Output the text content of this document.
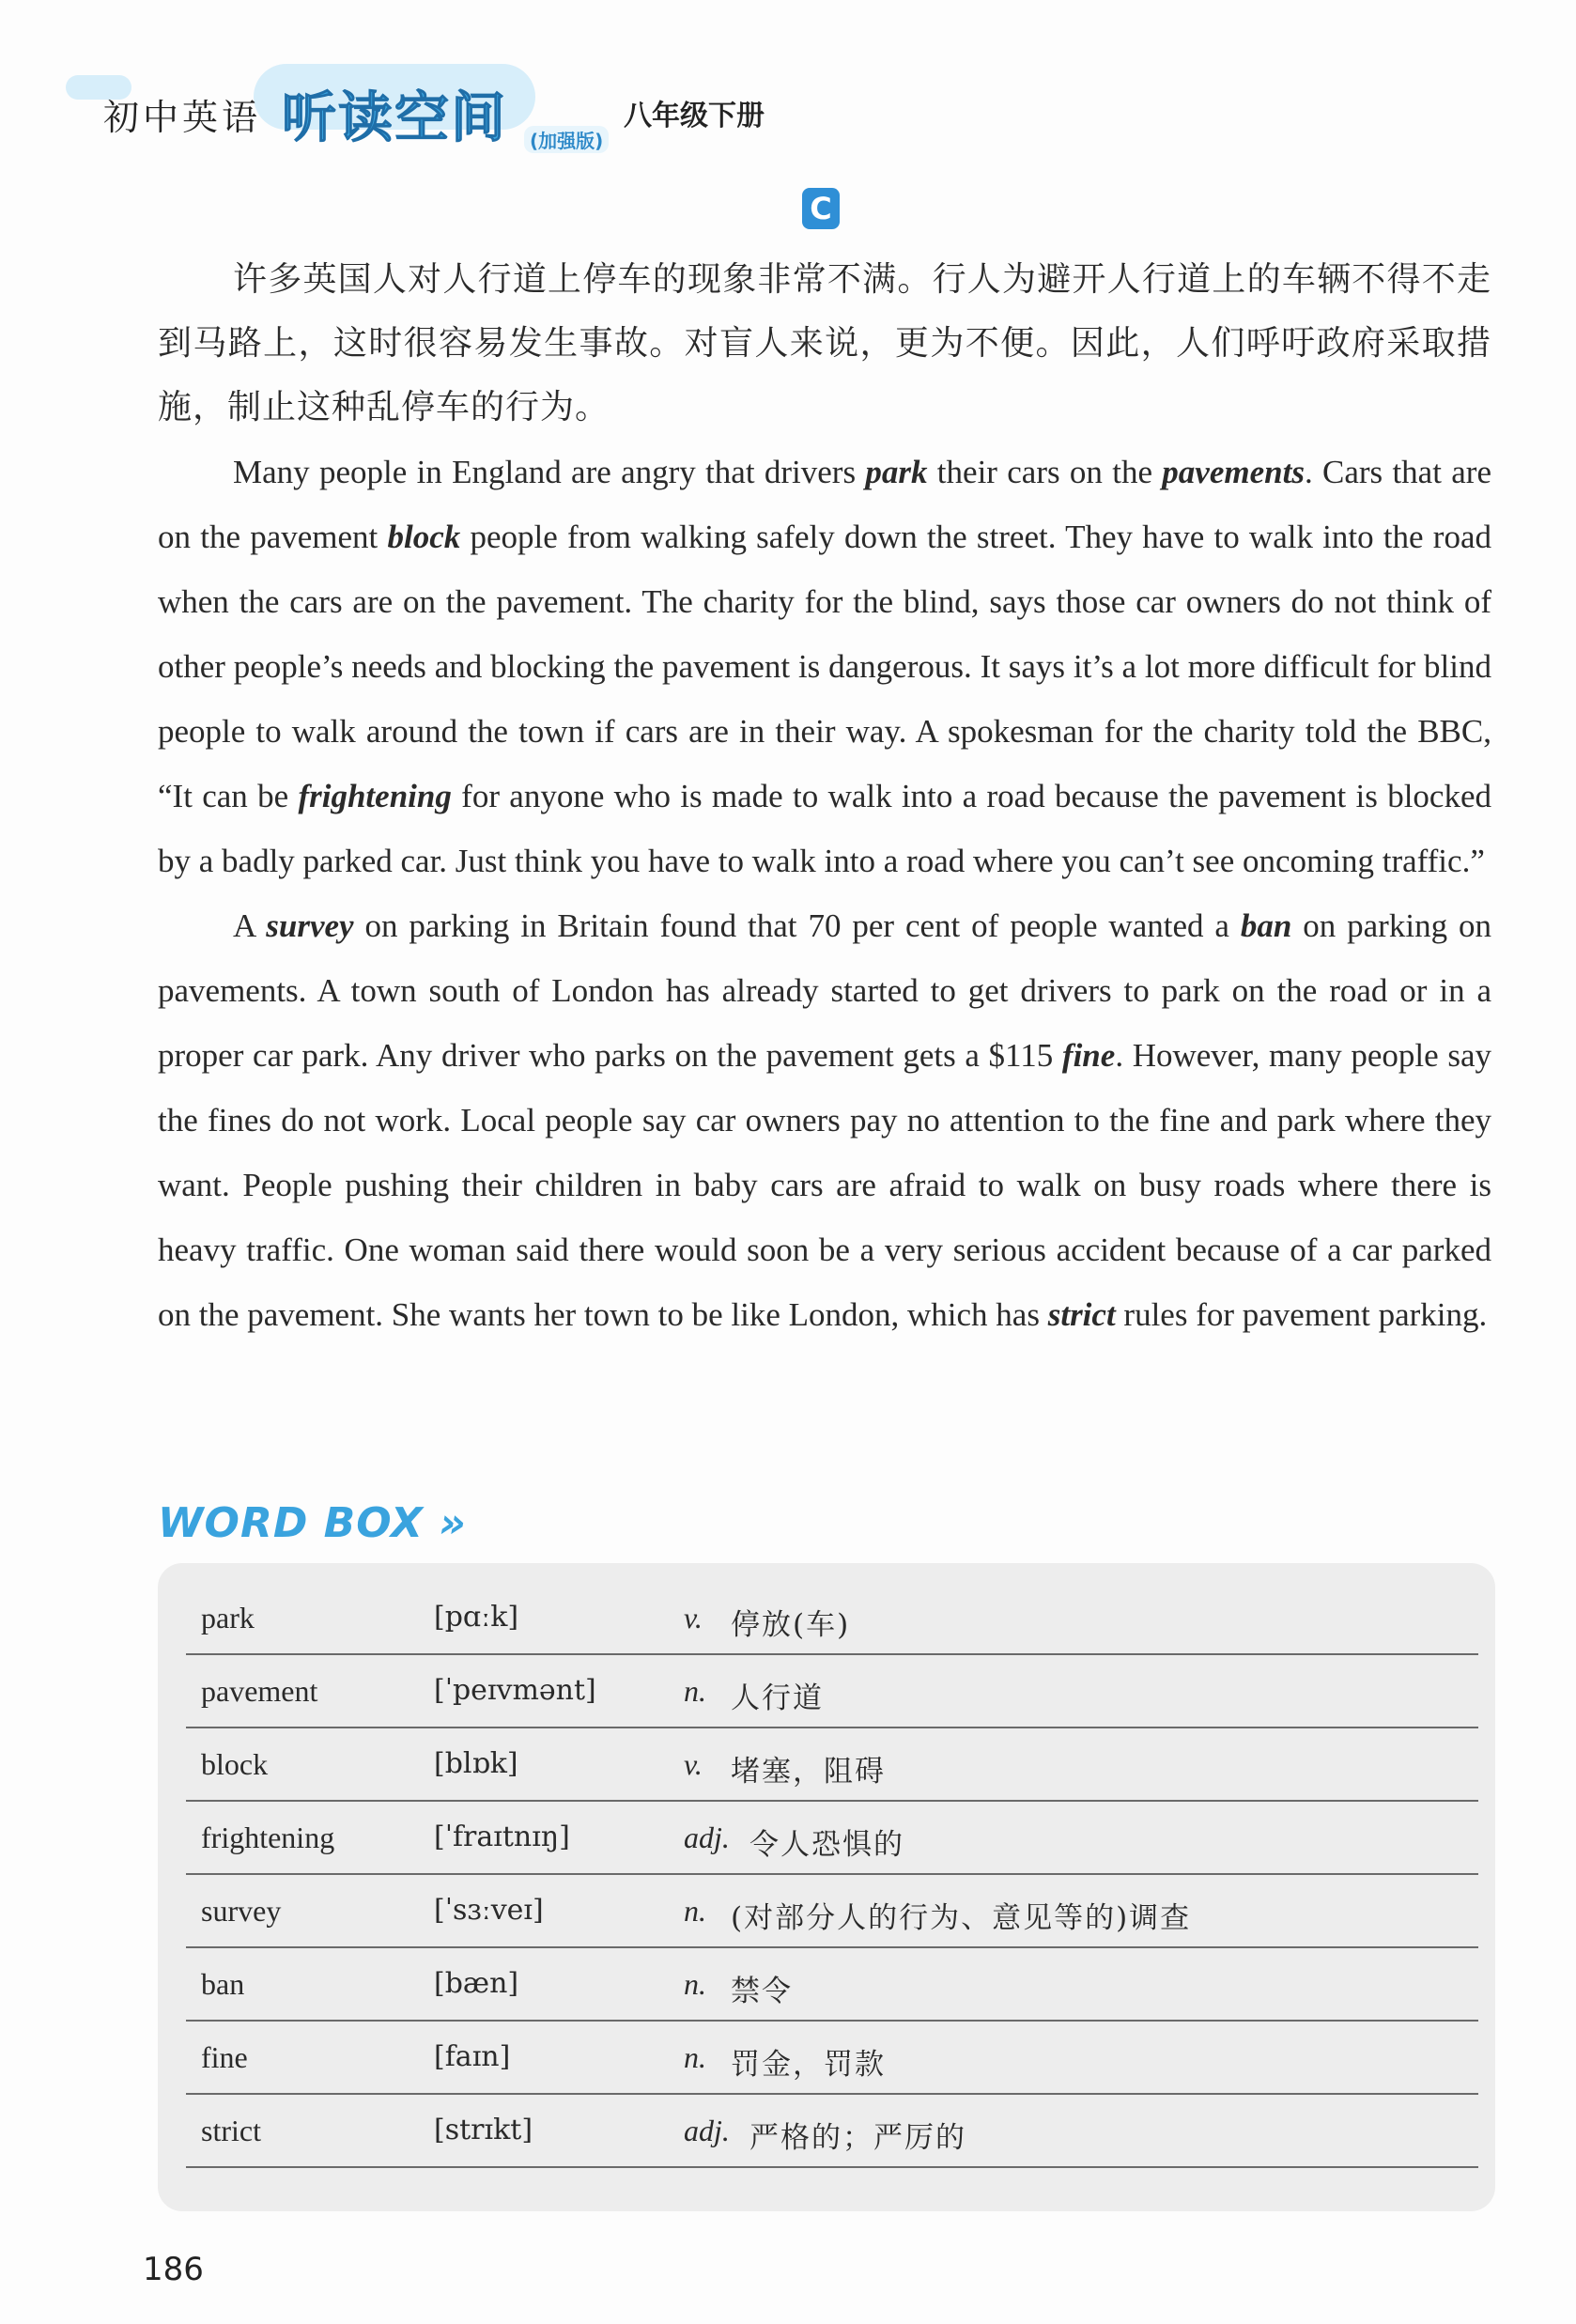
初中英语 听读空间	(加强版)
八年级下册
C

许多英国人对人行道上停车的现象非常不满。行人为避开人行道上的车辆不得不走到马路上，这时很容易发生事故。对盲人来说，更为不便。因此，人们呼吁政府采取措施，制止这种乱停车的行为。

Many people in England are angry that drivers park their cars on the pavements. Cars that are on the pavement block people from walking safely down the street. They have to walk into the road when the cars are on the pavement. The charity for the blind, says those car owners do not think of other people’s needs and blocking the pavement is dangerous. It says it’s a lot more difficult for blind people to walk around the town if cars are in their way. A spokesman for the charity told the BBC, “It can be frightening for anyone who is made to walk into a road because the pavement is blocked by a badly parked car. Just think you have to walk into a road where you can’t see oncoming traffic.”

A survey on parking in Britain found that 70 per cent of people wanted a ban on parking on pavements. A town south of London has already started to get drivers to park on the road or in a proper car park. Any driver who parks on the pavement gets a $115 fine. However, many people say the fines do not work. Local people say car owners pay no attention to the fine and park where they want. People pushing their children in baby cars are afraid to walk on busy roads where there is heavy traffic. One woman said there would soon be a very serious accident because of a car parked on the pavement. She wants her town to be like London, which has strict rules for pavement parking.

WORD BOX »
park	[pɑːk]	v. 停放(车)
pavement	[ˈpeɪvmənt]	n. 人行道
block	[blɒk]	v. 堵塞，阻碍
frightening	[ˈfraɪtnɪŋ]	adj. 令人恐惧的
survey	[ˈsɜːveɪ]	n. (对部分人的行为、意见等的)调查
ban	[bæn]	n. 禁令
fine	[faɪn]	n. 罚金，罚款
strict	[strɪkt]	adj. 严格的；严厉的
186
